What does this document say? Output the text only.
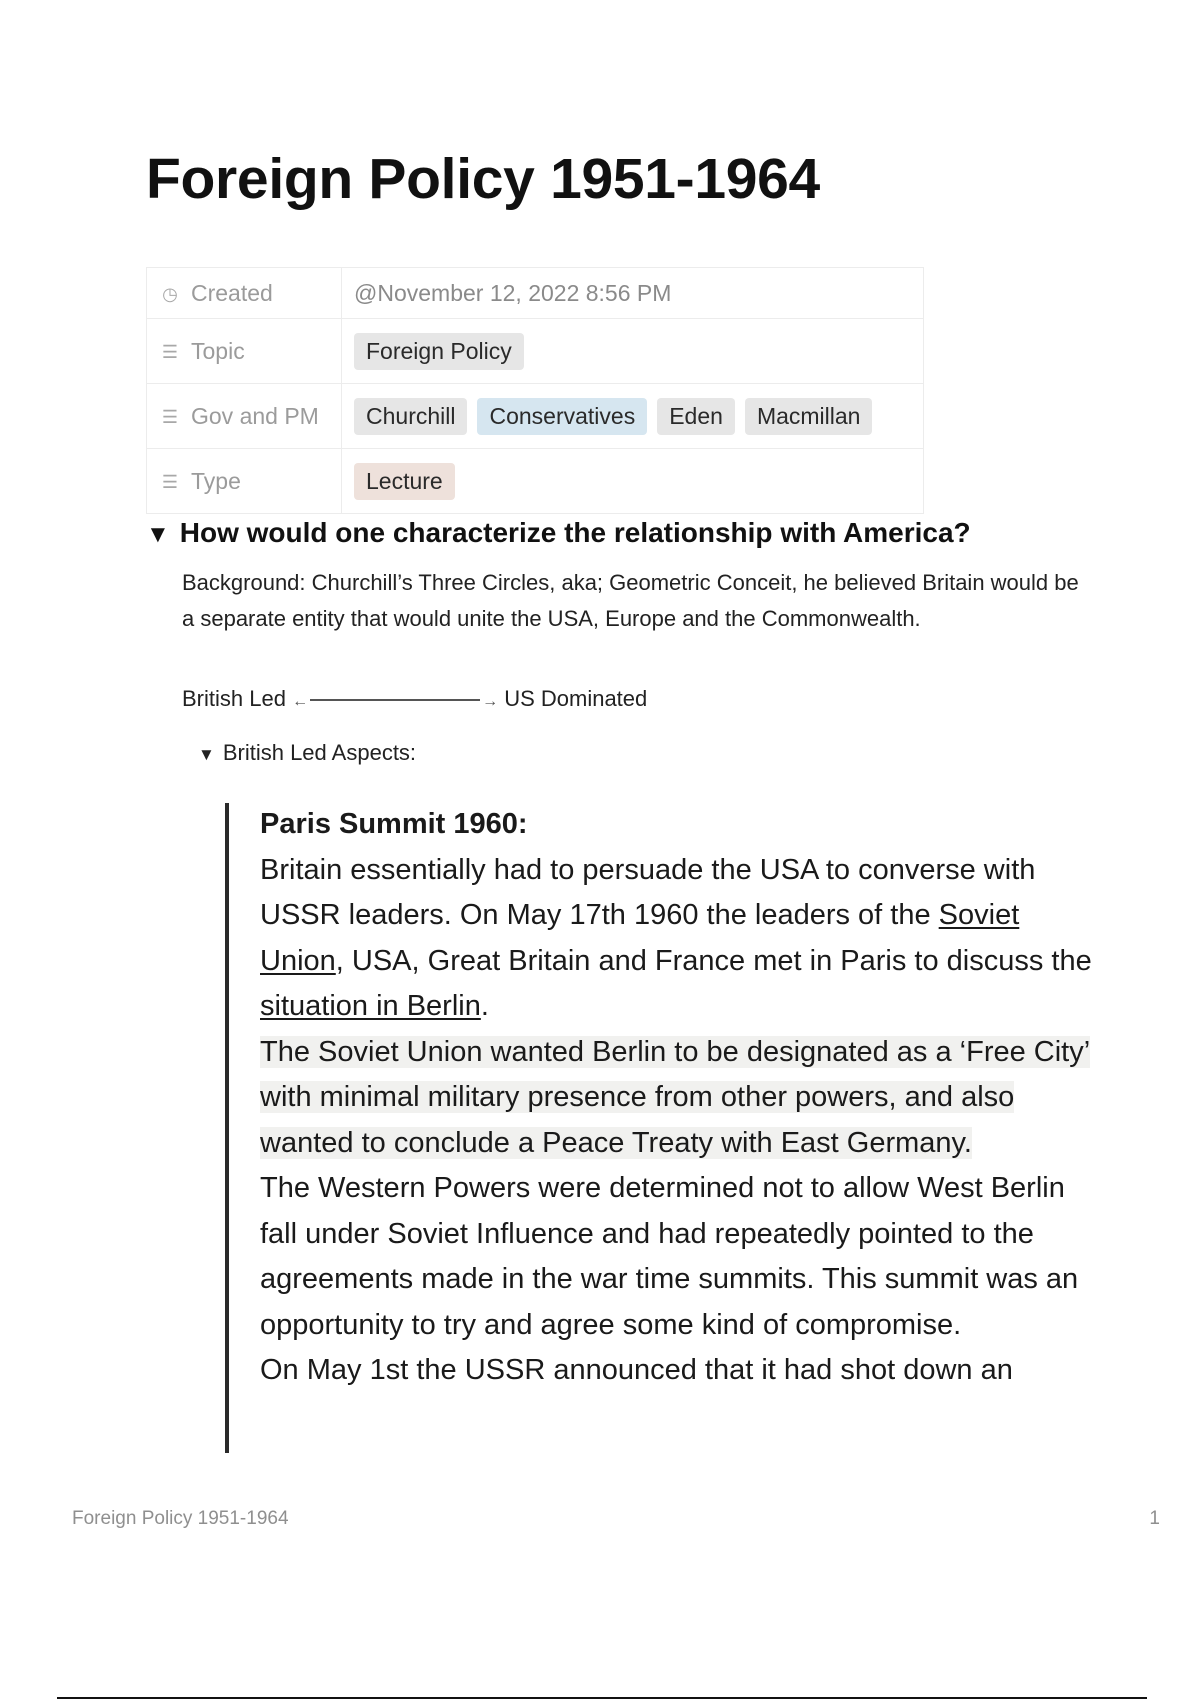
Foreign Policy 1951-1964
◷ Created	@November 12, 2022 8:56 PM
☰ Topic	Foreign Policy
☰ Gov and PM	Churchill Conservatives Eden Macmillan
☰ Type	Lecture
▼ How would one characterize the relationship with America?
Background: Churchill’s Three Circles, aka; Geometric Conceit, he believed Britain would be a separate entity that would unite the USA, Europe and the Commonwealth.
British Led ←	→ US Dominated
▼ British Led Aspects:
Paris Summit 1960:
Britain essentially had to persuade the USA to converse with USSR leaders. On May 17th 1960 the leaders of the Soviet Union, USA, Great Britain and France met in Paris to discuss the situation in Berlin.
The Soviet Union wanted Berlin to be designated as a ‘Free City’ with minimal military presence from other powers, and also wanted to conclude a Peace Treaty with East Germany.
The Western Powers were determined not to allow West Berlin fall under Soviet Influence and had repeatedly pointed to the agreements made in the war time summits. This summit was an opportunity to try and agree some kind of compromise.
On May 1st the USSR announced that it had shot down an
Foreign Policy 1951-1964	1
